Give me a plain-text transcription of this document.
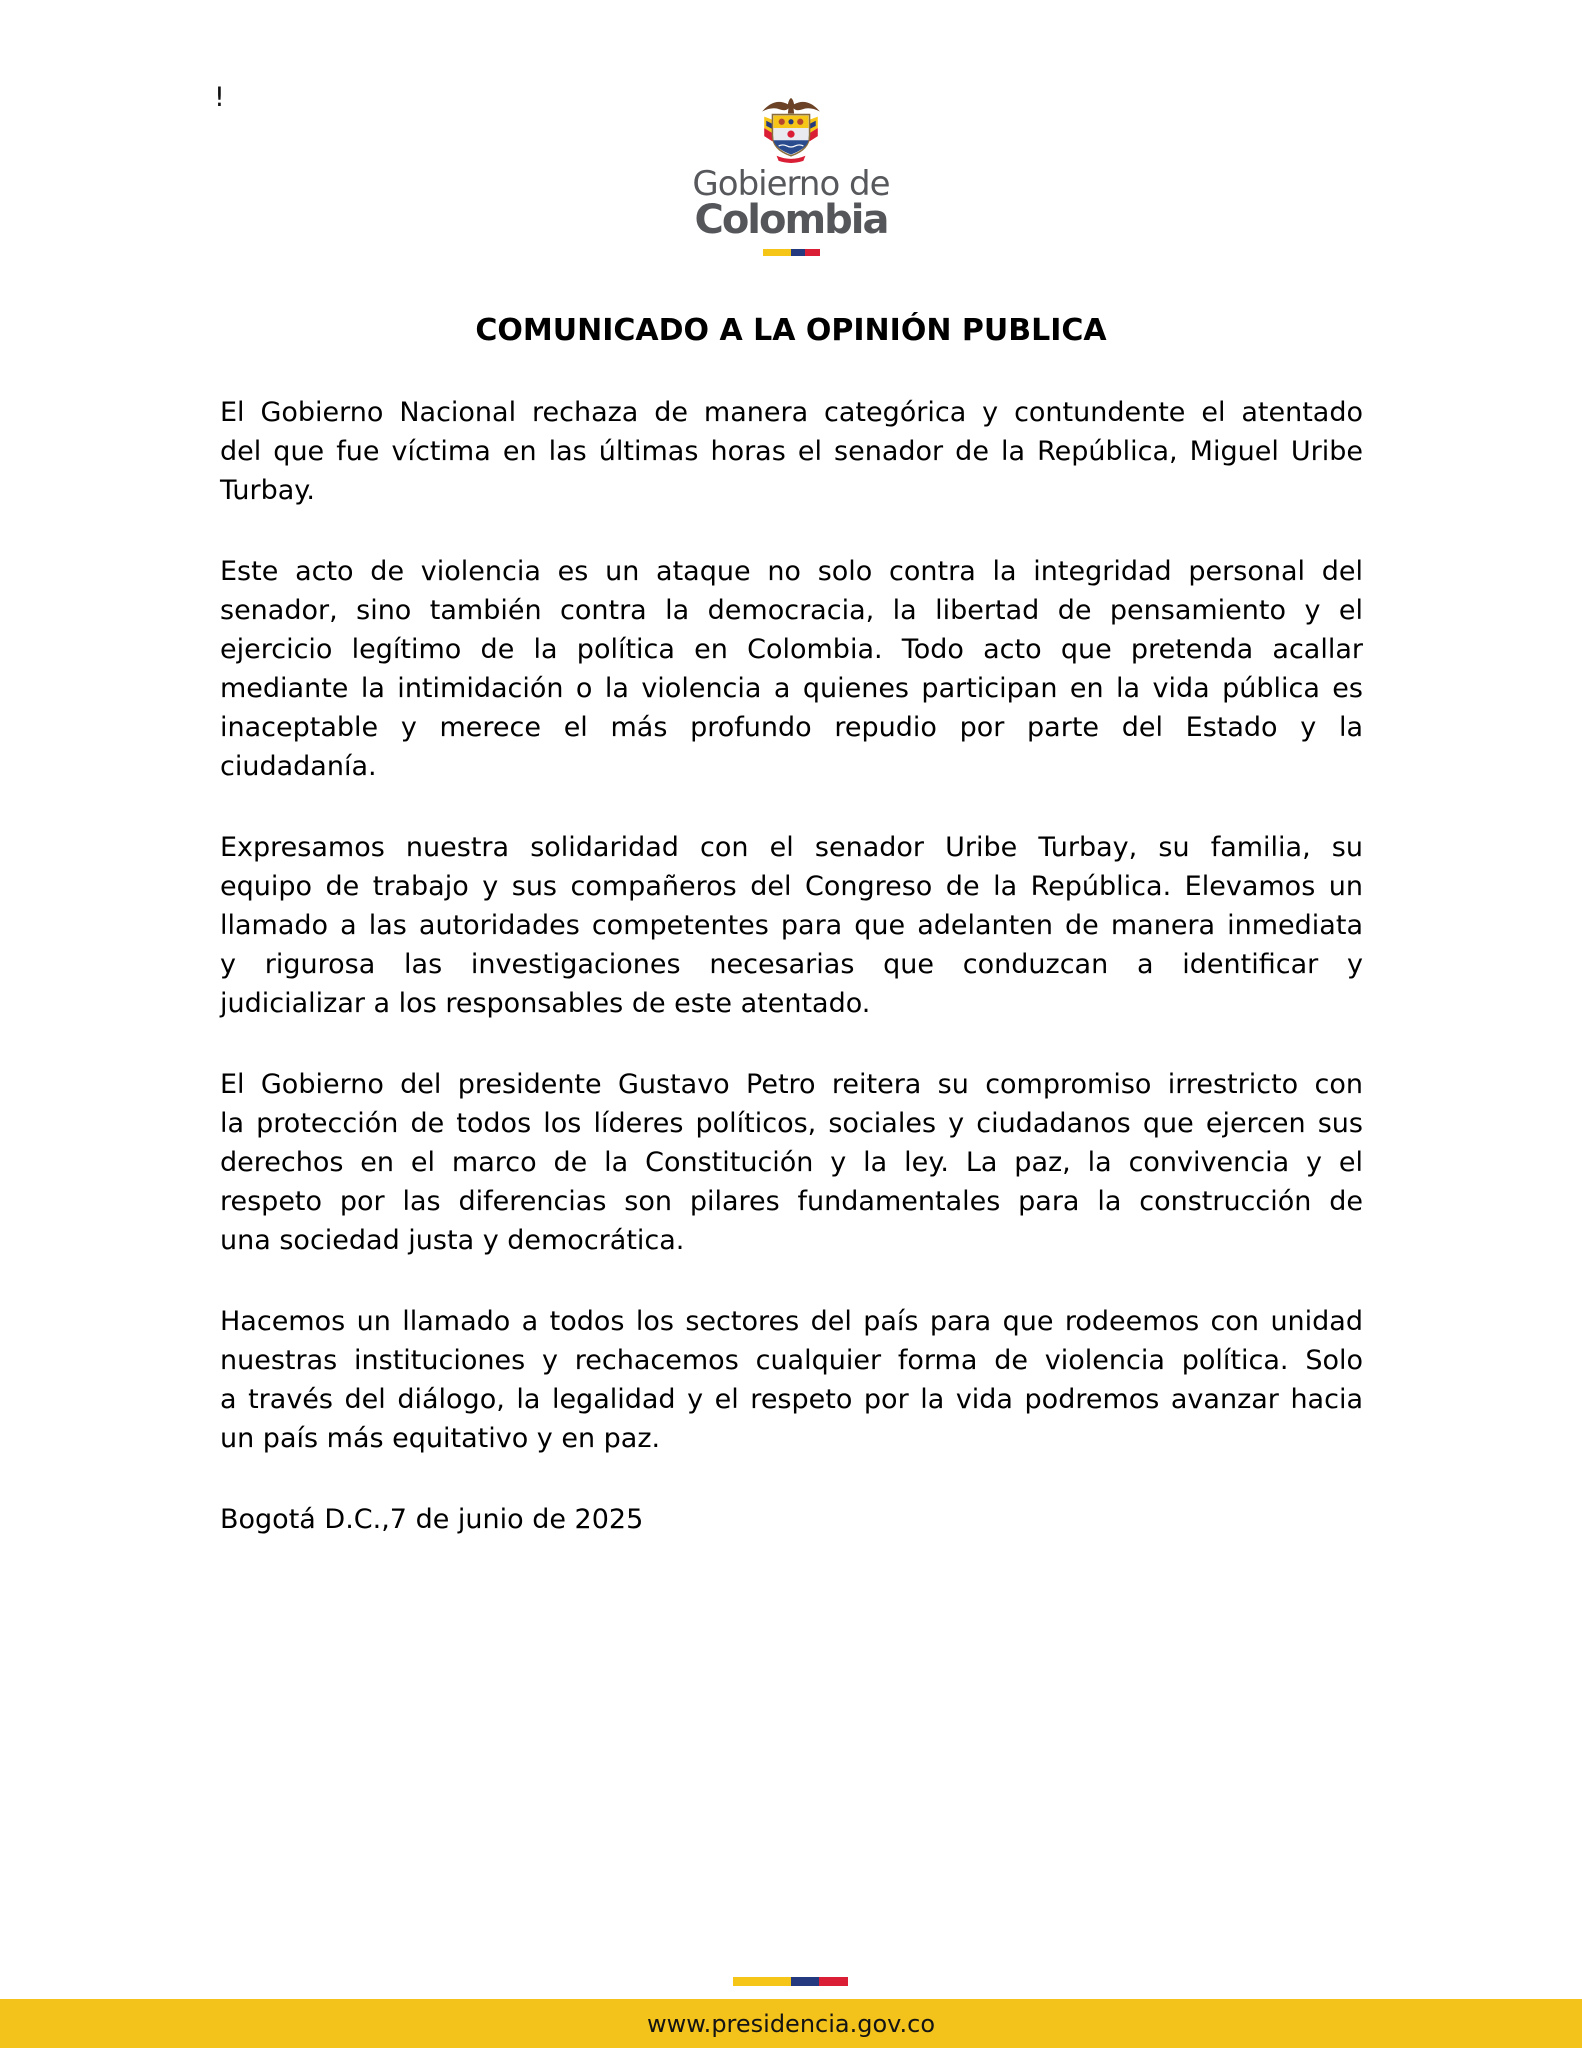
!
Gobierno de
Colombia
COMUNICADO A LA OPINIÓN PUBLICA
El Gobierno Nacional rechaza de manera categórica y contundente el atentado
del que fue víctima en las últimas horas el senador de la República, Miguel Uribe
Turbay.
Este acto de violencia es un ataque no solo contra la integridad personal del
senador, sino también contra la democracia, la libertad de pensamiento y el
ejercicio legítimo de la política en Colombia. Todo acto que pretenda acallar
mediante la intimidación o la violencia a quienes participan en la vida pública es
inaceptable y merece el más profundo repudio por parte del Estado y la
ciudadanía.
Expresamos nuestra solidaridad con el senador Uribe Turbay, su familia, su
equipo de trabajo y sus compañeros del Congreso de la República. Elevamos un
llamado a las autoridades competentes para que adelanten de manera inmediata
y rigurosa las investigaciones necesarias que conduzcan a identificar y
judicializar a los responsables de este atentado.
El Gobierno del presidente Gustavo Petro reitera su compromiso irrestricto con
la protección de todos los líderes políticos, sociales y ciudadanos que ejercen sus
derechos en el marco de la Constitución y la ley. La paz, la convivencia y el
respeto por las diferencias son pilares fundamentales para la construcción de
una sociedad justa y democrática.
Hacemos un llamado a todos los sectores del país para que rodeemos con unidad
nuestras instituciones y rechacemos cualquier forma de violencia política. Solo
a través del diálogo, la legalidad y el respeto por la vida podremos avanzar hacia
un país más equitativo y en paz.
Bogotá D.C.,7 de junio de 2025
www.presidencia.gov.co
